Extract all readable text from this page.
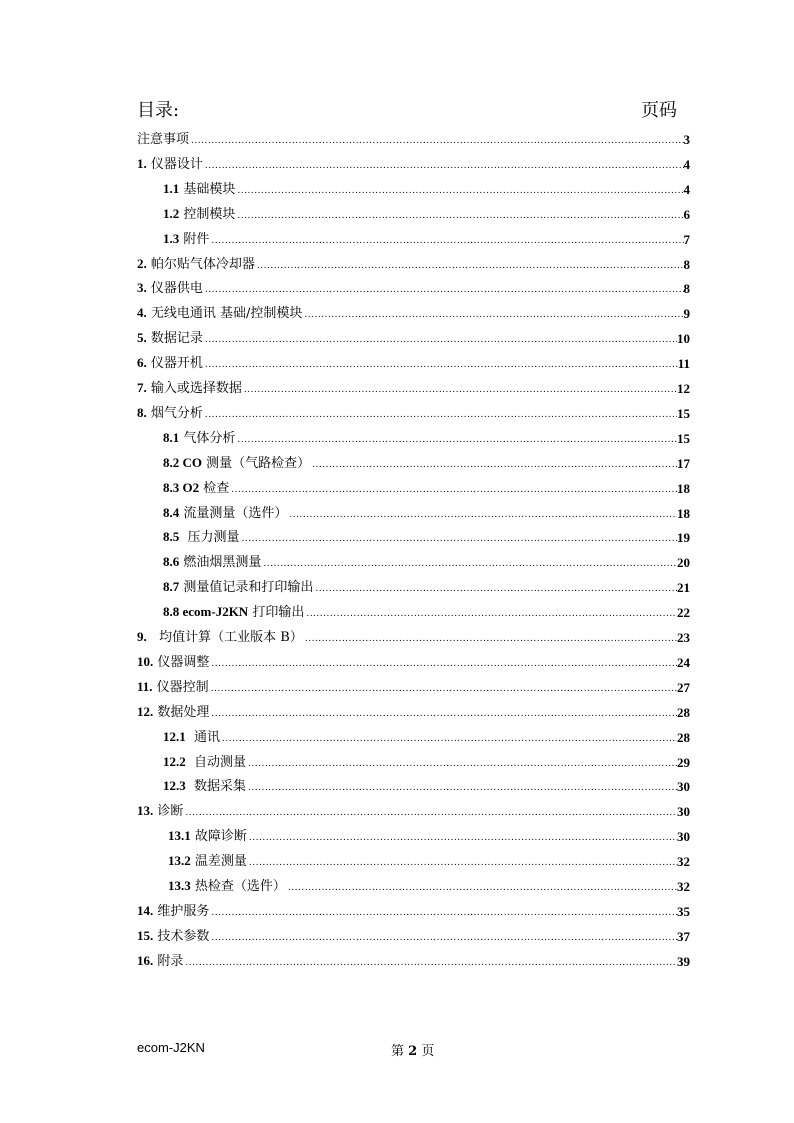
目录:	页码
注意事项 .....	3
1. 仪器设计 .....	4
1.1 基础模块 .....	4
1.2 控制模块 .....	6
1.3 附件 .....	7
2. 帕尔贴气体冷却器 .....	8
3. 仪器供电 .....	8
4. 无线电通讯 基础/控制模块 .....	9
5. 数据记录 .....	10
6. 仪器开机 .....	11
7. 输入或选择数据 .....	12
8. 烟气分析 .....	15
8.1 气体分析 .....	15
8.2 CO 测量（气路检查） .....	17
8.3 O2 检查 .....	18
8.4 流量测量（选件） .....	18
8.5  压力测量 .....	19
8.6 燃油烟黑测量 .....	20
8.7 测量值记录和打印输出 .....	21
8.8 ecom-J2KN 打印输出 .....	22
9.   均值计算（工业版本 B） .....	23
10. 仪器调整 .....	24
11. 仪器控制 .....	27
12. 数据处理 .....	28
12.1  通讯 .....	28
12.2  自动测量 .....	29
12.3  数据采集 .....	30
13. 诊断 .....	30
13.1 故障诊断 .....	30
13.2 温差测量 .....	32
13.3 热检查（选件） .....	32
14. 维护服务 .....	35
15. 技术参数 .....	37
16. 附录 .....	39
ecom-J2KN	第 2 页
